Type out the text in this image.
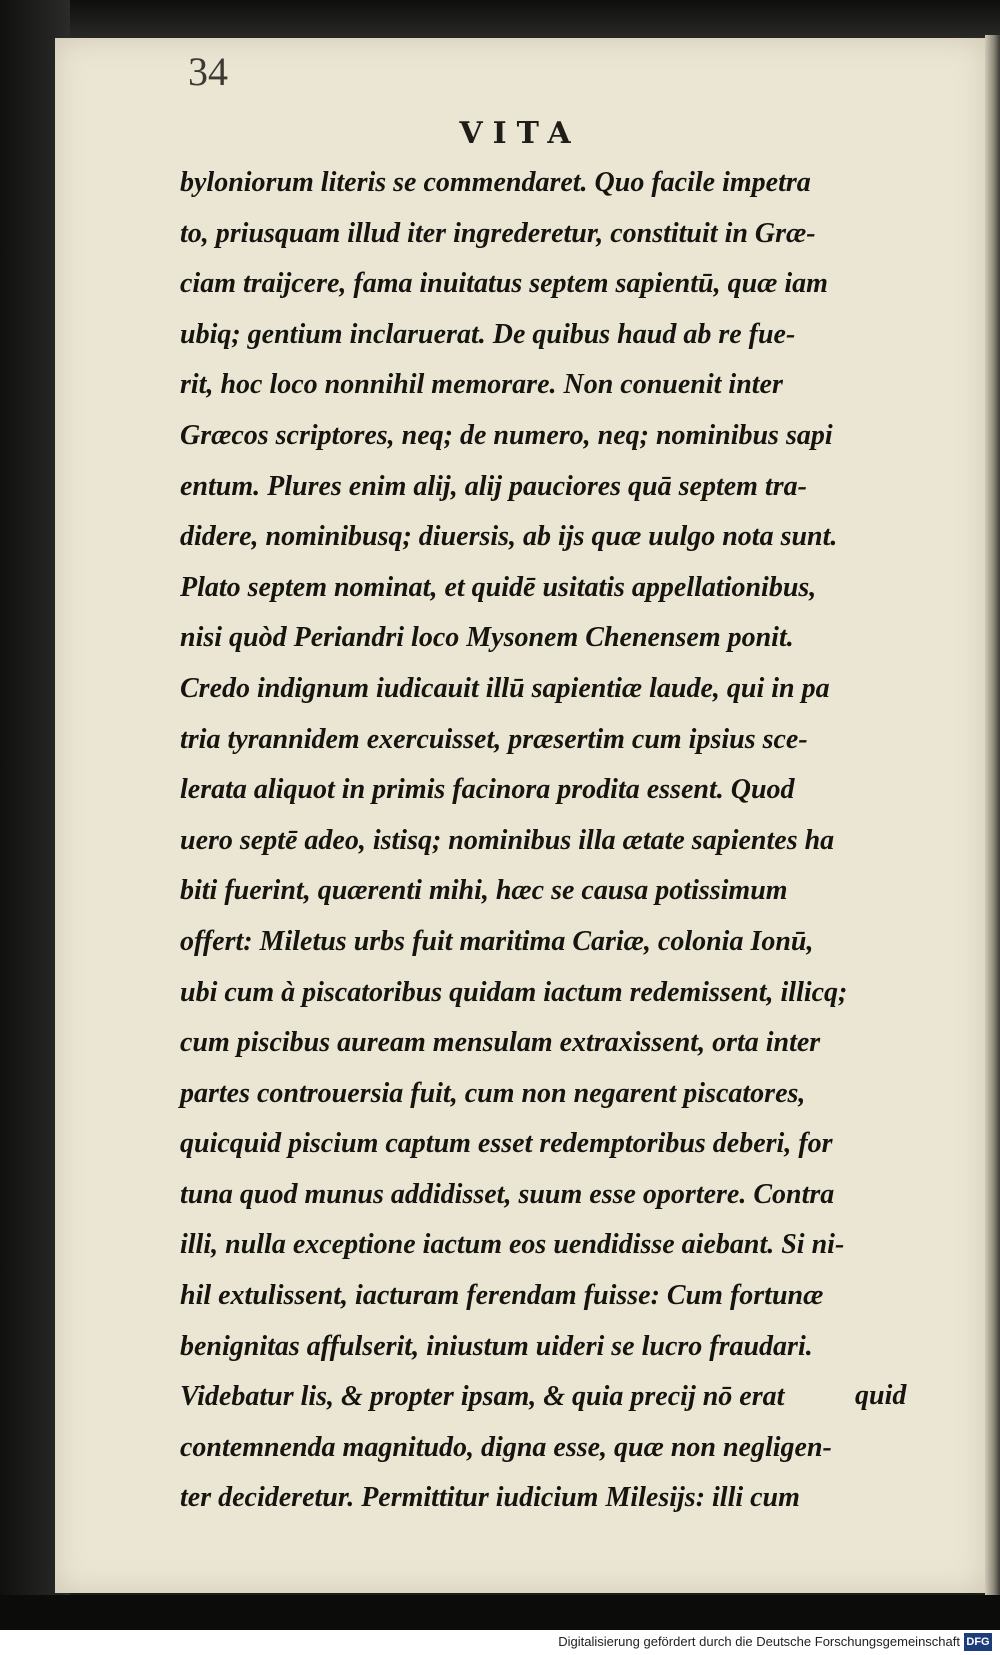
34

VITA

byloniorum literis se commendaret. Quo facile impetra
to, priusquam illud iter ingrederetur, constituit in Græ-
ciam traijcere, fama inuitatus septem sapientū, quæ iam
ubiq; gentium inclaruerat. De quibus haud ab re fue-
rit, hoc loco nonnihil memorare. Non conuenit inter
Græcos scriptores, neq; de numero, neq; nominibus sapi
entum. Plures enim alij, alij pauciores quā septem tra-
didere, nominibusq; diuersis, ab ijs quæ uulgo nota sunt.
Plato septem nominat, et quidē usitatis appellationibus,
nisi quòd Periandri loco Mysonem Chenensem ponit.
Credo indignum iudicauit illū sapientiæ laude, qui in pa
tria tyrannidem exercuisset, præsertim cum ipsius sce-
lerata aliquot in primis facinora prodita essent. Quod
uero septē adeo, istisq; nominibus illa ætate sapientes ha
biti fuerint, quærenti mihi, hæc se causa potissimum
offert: Miletus urbs fuit maritima Cariæ, colonia Ionū,
ubi cum à piscatoribus quidam iactum redemissent, illicq;
cum piscibus auream mensulam extraxissent, orta inter
partes controuersia fuit, cum non negarent piscatores,
quicquid piscium captum esset redemptoribus deberi, for
tuna quod munus addidisset, suum esse oportere. Contra
illi, nulla exceptione iactum eos uendidisse aiebant. Si ni-
hil extulissent, iacturam ferendam fuisse: Cum fortunæ
benignitas affulserit, iniustum uideri se lucro fraudari.
Videbatur lis, & propter ipsam, & quia precij nō erat
contemnenda magnitudo, digna esse, quæ non negligen-
ter decideretur. Permittitur iudicium Milesijs: illi cum

quid

Digitalisierung gefördert durch die Deutsche Forschungsgemeinschaft DFG
